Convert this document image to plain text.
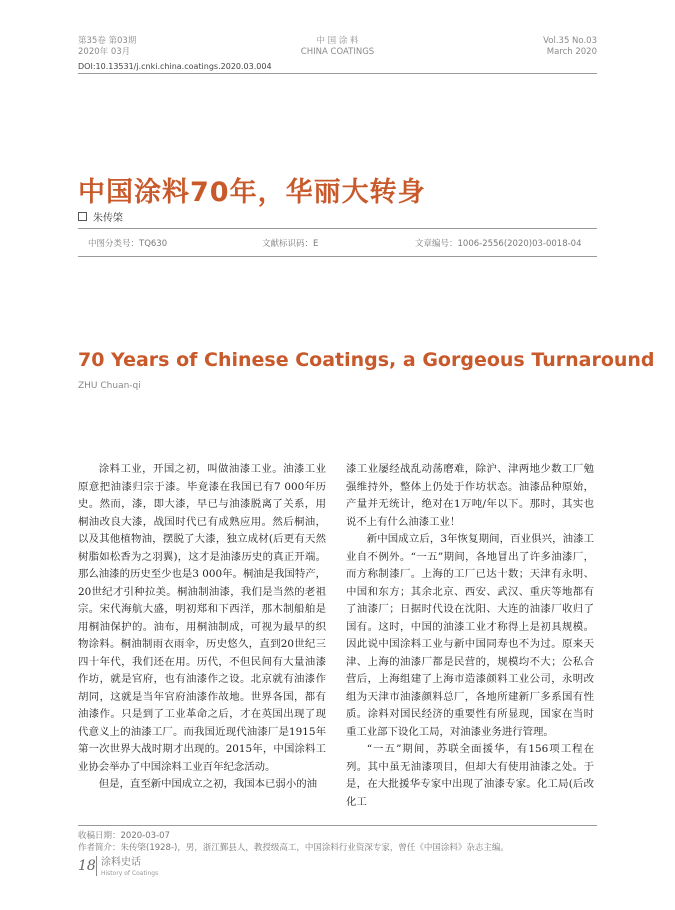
第35卷 第03期
2020年 03月
中 国 涂 料
CHINA COATINGS
Vol.35 No.03
March 2020
DOI:10.13531/j.cnki.china.coatings.2020.03.004
中国涂料70年，华丽大转身
朱传棨
中图分类号：TQ630	文献标识码：E	文章编号：1006-2556(2020)03-0018-04
70 Years of Chinese Coatings, a Gorgeous Turnaround
ZHU Chuan-qi

涂料工业，开国之初，叫做油漆工业。油漆工业原意把油漆归宗于漆。毕竟漆在我国已有7 000年历史。然而，漆，即大漆，早已与油漆脱离了关系，用桐油改良大漆，战国时代已有成熟应用。然后桐油，以及其他植物油，摆脱了大漆，独立成材(后更有天然树脂如松香为之羽翼)，这才是油漆历史的真正开端。那么油漆的历史至少也是3 000年。桐油是我国特产，20世纪才引种拉美。桐油制油漆，我们是当然的老祖宗。宋代海航大盛，明初郑和下西洋，那木制船舶是用桐油保护的。油布，用桐油制成，可视为最早的织物涂料。桐油制雨衣雨伞，历史悠久，直到20世纪三四十年代，我们还在用。历代，不但民间有大量油漆作坊，就是官府，也有油漆作之设。北京就有油漆作胡同，这就是当年官府油漆作故地。世界各国，都有油漆作。只是到了工业革命之后，才在英国出现了现代意义上的油漆工厂。而我国近现代油漆厂是1915年第一次世界大战时期才出现的。2015年，中国涂料工业协会举办了中国涂料工业百年纪念活动。

但是，直至新中国成立之初，我国本已弱小的油

漆工业屡经战乱动荡磨难，除沪、津两地少数工厂勉强维持外，整体上仍处于作坊状态。油漆品种原始，产量并无统计，绝对在1万吨/年以下。那时，其实也说不上有什么油漆工业！

新中国成立后，3年恢复期间，百业俱兴，油漆工业自不例外。“一五”期间，各地冒出了许多油漆厂，而方称制漆厂。上海的工厂已达十数；天津有永明、中国和东方；其余北京、西安、武汉、重庆等地都有了油漆厂；日据时代设在沈阳、大连的油漆厂收归了国有。这时，中国的油漆工业才称得上是初具规模。因此说中国涂料工业与新中国同寿也不为过。原来天津、上海的油漆厂都是民营的，规模均不大；公私合营后，上海组建了上海市造漆颜料工业公司，永明改组为天津市油漆颜料总厂，各地所建新厂多系国有性质。涂料对国民经济的重要性有所显现，国家在当时重工业部下设化工局，对油漆业务进行管理。

“一五”期间，苏联全面援华，有156项工程在列。其中虽无油漆项目，但却大有使用油漆之处。于是，在大批援华专家中出现了油漆专家。化工局(后改化工

收稿日期：2020-03-07
作者简介：朱传棨(1928-)，男，浙江鄞县人，教授级高工，中国涂料行业资深专家，曾任《中国涂料》杂志主编。
18 涂料史话
History of Coatings
